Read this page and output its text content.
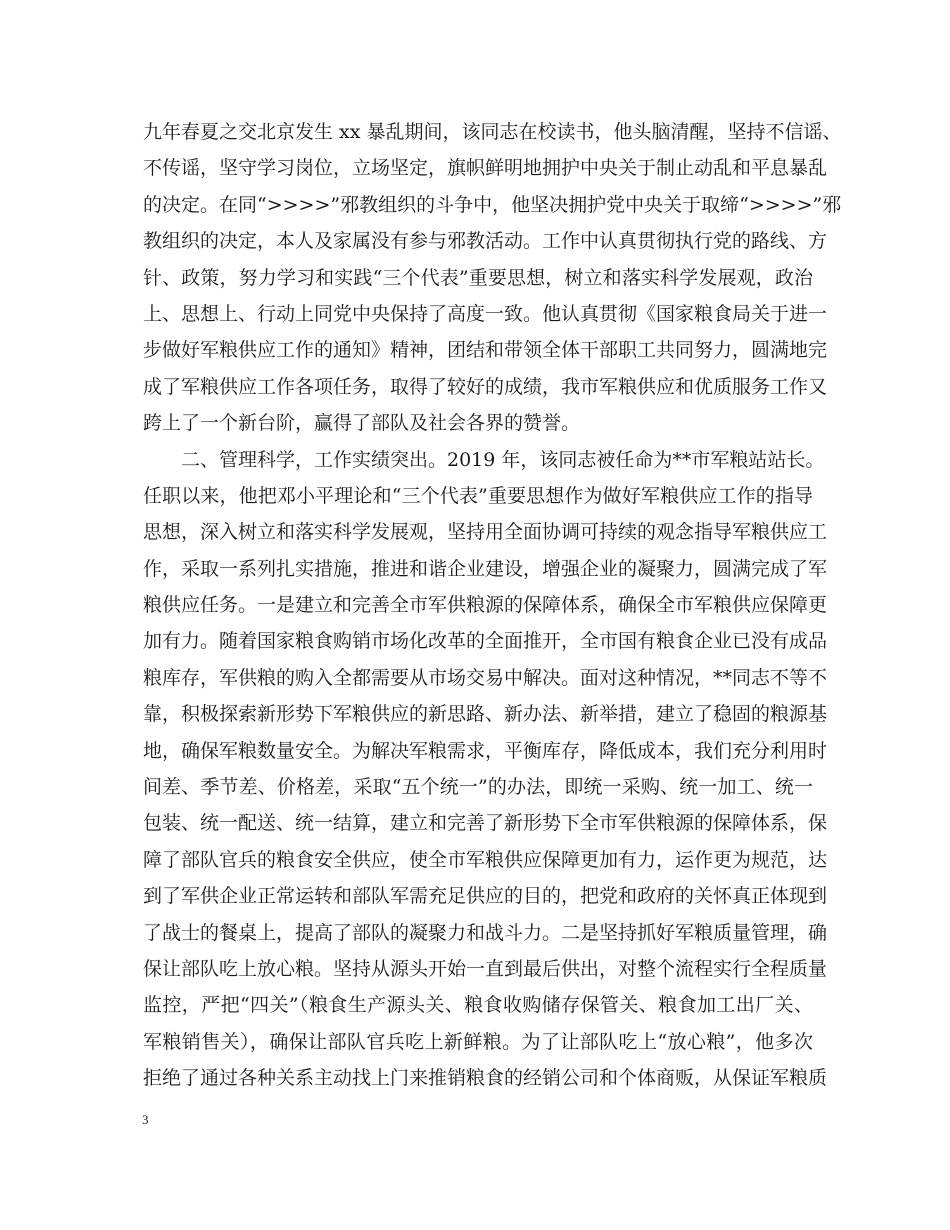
九年春夏之交北京发生 xx 暴乱期间，该同志在校读书，他头脑清醒，坚持不信谣、
不传谣，坚守学习岗位，立场坚定，旗帜鲜明地拥护中央关于制止动乱和平息暴乱
的决定。在同“>>>>”邪教组织的斗争中，他坚决拥护党中央关于取缔“>>>>”邪
教组织的决定，本人及家属没有参与邪教活动。工作中认真贯彻执行党的路线、方
针、政策，努力学习和实践“三个代表”重要思想，树立和落实科学发展观，政治
上、思想上、行动上同党中央保持了高度一致。他认真贯彻《国家粮食局关于进一
步做好军粮供应工作的通知》精神，团结和带领全体干部职工共同努力，圆满地完
成了军粮供应工作各项任务，取得了较好的成绩，我市军粮供应和优质服务工作又
跨上了一个新台阶，赢得了部队及社会各界的赞誉。
　　二、管理科学，工作实绩突出。2019 年，该同志被任命为**市军粮站站长。
任职以来，他把邓小平理论和“三个代表”重要思想作为做好军粮供应工作的指导
思想，深入树立和落实科学发展观，坚持用全面协调可持续的观念指导军粮供应工
作，采取一系列扎实措施，推进和谐企业建设，增强企业的凝聚力，圆满完成了军
粮供应任务。一是建立和完善全市军供粮源的保障体系，确保全市军粮供应保障更
加有力。随着国家粮食购销市场化改革的全面推开，全市国有粮食企业已没有成品
粮库存，军供粮的购入全都需要从市场交易中解决。面对这种情况，**同志不等不
靠，积极探索新形势下军粮供应的新思路、新办法、新举措，建立了稳固的粮源基
地，确保军粮数量安全。为解决军粮需求，平衡库存，降低成本，我们充分利用时
间差、季节差、价格差，采取“五个统一”的办法，即统一采购、统一加工、统一
包装、统一配送、统一结算，建立和完善了新形势下全市军供粮源的保障体系，保
障了部队官兵的粮食安全供应，使全市军粮供应保障更加有力，运作更为规范，达
到了军供企业正常运转和部队军需充足供应的目的，把党和政府的关怀真正体现到
了战士的餐桌上，提高了部队的凝聚力和战斗力。二是坚持抓好军粮质量管理，确
保让部队吃上放心粮。坚持从源头开始一直到最后供出，对整个流程实行全程质量
监控，严把“四关”（粮食生产源头关、粮食收购储存保管关、粮食加工出厂关、
军粮销售关），确保让部队官兵吃上新鲜粮。为了让部队吃上“放心粮”，他多次
拒绝了通过各种关系主动找上门来推销粮食的经销公司和个体商贩，从保证军粮质
3
